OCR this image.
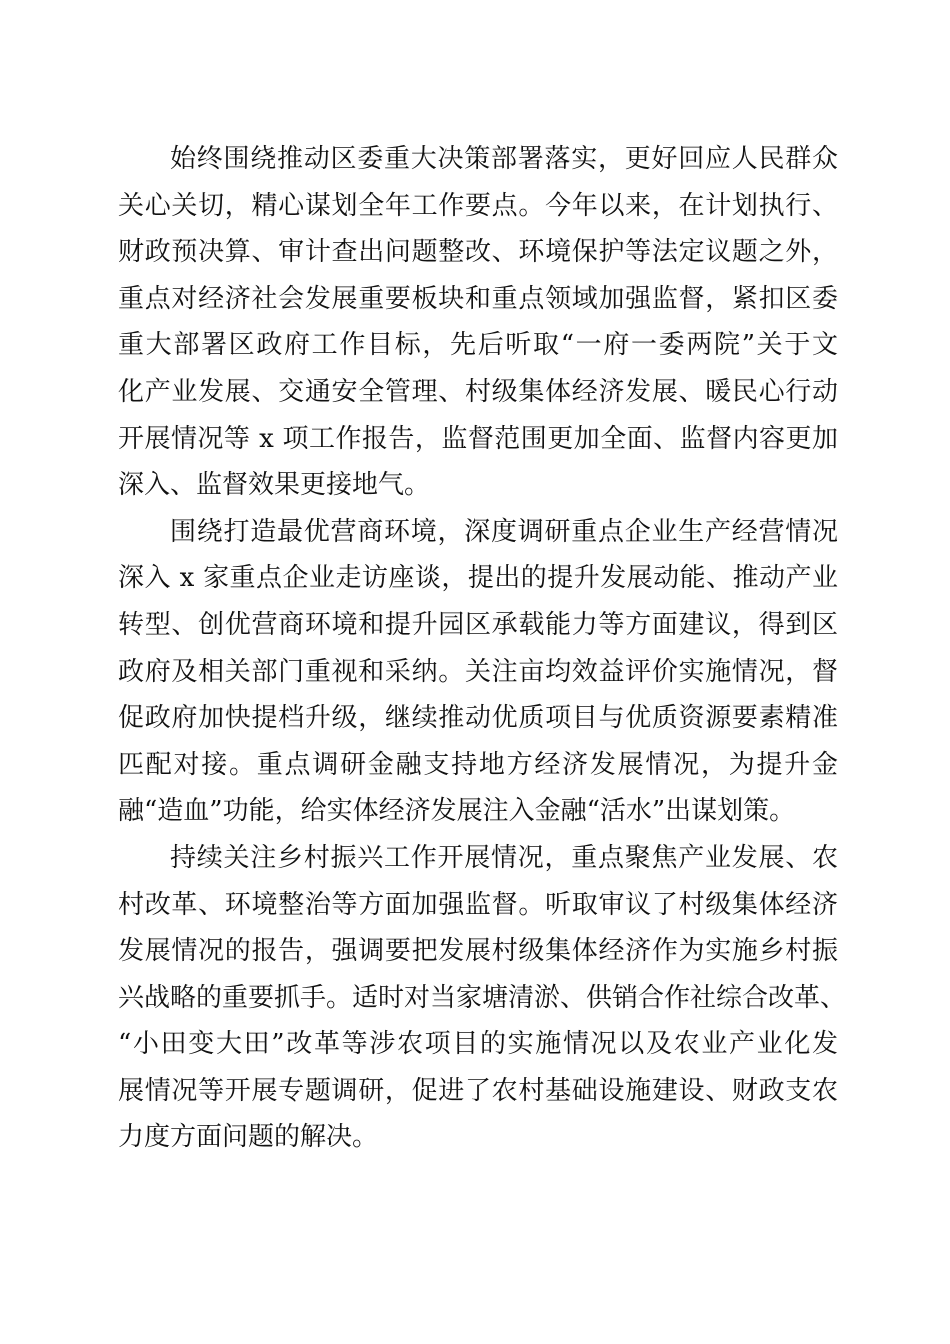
始终围绕推动区委重大决策部署落实，更好回应人民群众
关心关切，精心谋划全年工作要点。今年以来，在计划执行、
财政预决算、审计查出问题整改、环境保护等法定议题之外，
重点对经济社会发展重要板块和重点领域加强监督，紧扣区委
重大部署区政府工作目标，先后听取“一府一委两院”关于文
化产业发展、交通安全管理、村级集体经济发展、暖民心行动
开展情况等 x 项工作报告，监督范围更加全面、监督内容更加
深入、监督效果更接地气。
围绕打造最优营商环境，深度调研重点企业生产经营情况
深入 x 家重点企业走访座谈，提出的提升发展动能、推动产业
转型、创优营商环境和提升园区承载能力等方面建议，得到区
政府及相关部门重视和采纳。关注亩均效益评价实施情况，督
促政府加快提档升级，继续推动优质项目与优质资源要素精准
匹配对接。重点调研金融支持地方经济发展情况，为提升金
融“造血”功能，给实体经济发展注入金融“活水”出谋划策。
持续关注乡村振兴工作开展情况，重点聚焦产业发展、农
村改革、环境整治等方面加强监督。听取审议了村级集体经济
发展情况的报告，强调要把发展村级集体经济作为实施乡村振
兴战略的重要抓手。适时对当家塘清淤、供销合作社综合改革、
“小田变大田”改革等涉农项目的实施情况以及农业产业化发
展情况等开展专题调研，促进了农村基础设施建设、财政支农
力度方面问题的解决。
